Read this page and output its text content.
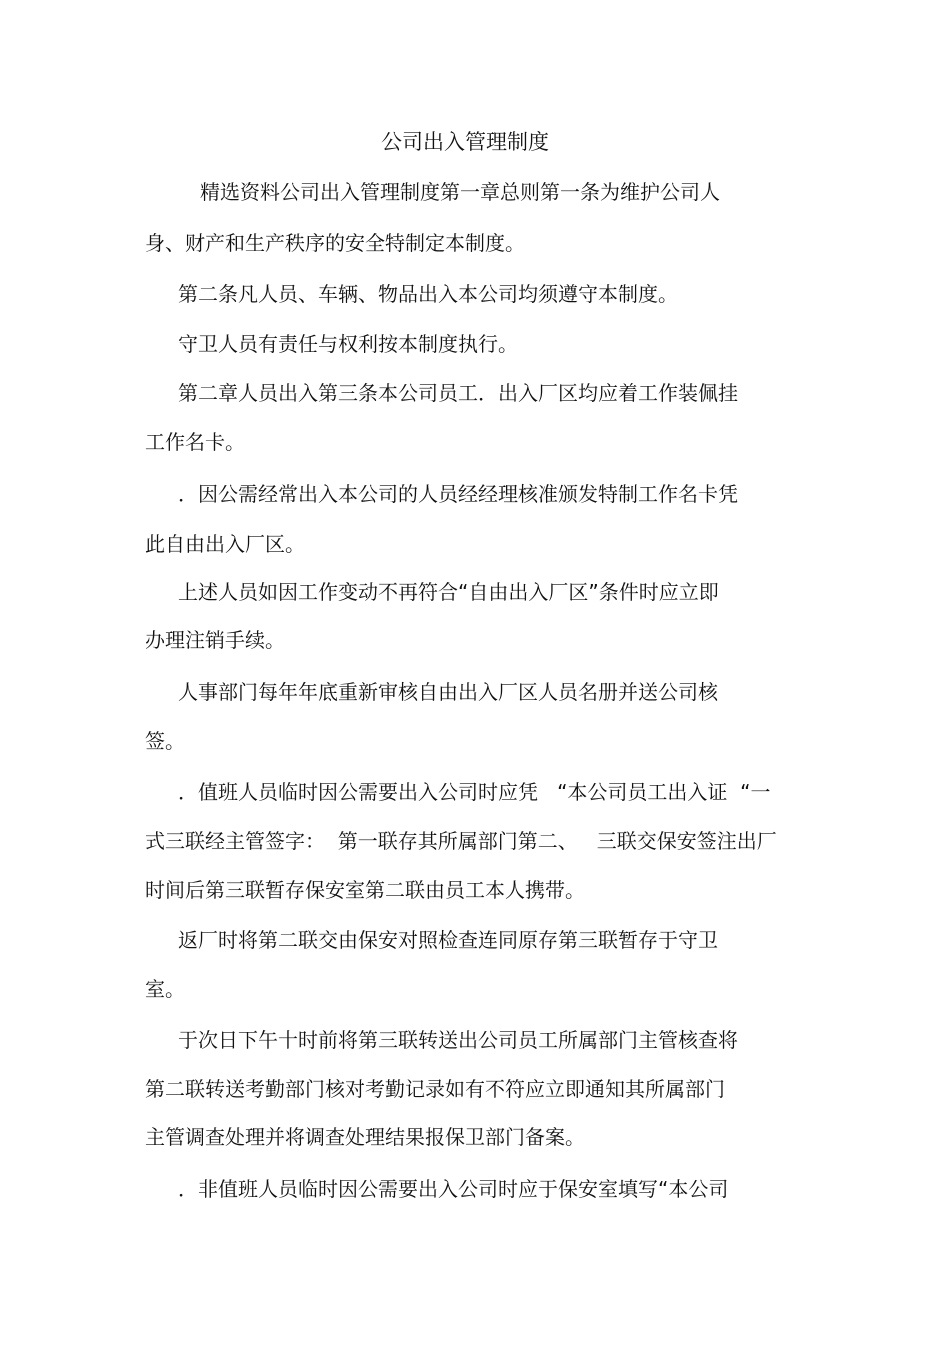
公司出入管理制度
精选资料公司出入管理制度第一章总则第一条为维护公司人
身、财产和生产秩序的安全特制定本制度。
第二条凡人员、车辆、物品出入本公司均须遵守本制度。
守卫人员有责任与权利按本制度执行。
第二章人员出入第三条本公司员工．出入厂区均应着工作装佩挂
工作名卡。
．因公需经常出入本公司的人员经经理核准颁发特制工作名卡凭
此自由出入厂区。
上述人员如因工作变动不再符合“自由出入厂区”条件时应立即
办理注销手续。
人事部门每年年底重新审核自由出入厂区人员名册并送公司核
签。
．值班人员临时因公需要出入公司时应凭   “本公司员工出入证  “一
式三联经主管签字：  第一联存其所属部门第二、   三联交保安签注出厂
时间后第三联暂存保安室第二联由员工本人携带。
返厂时将第二联交由保安对照检查连同原存第三联暂存于守卫
室。
于次日下午十时前将第三联转送出公司员工所属部门主管核查将
第二联转送考勤部门核对考勤记录如有不符应立即通知其所属部门
主管调查处理并将调查处理结果报保卫部门备案。
．非值班人员临时因公需要出入公司时应于保安室填写“本公司
